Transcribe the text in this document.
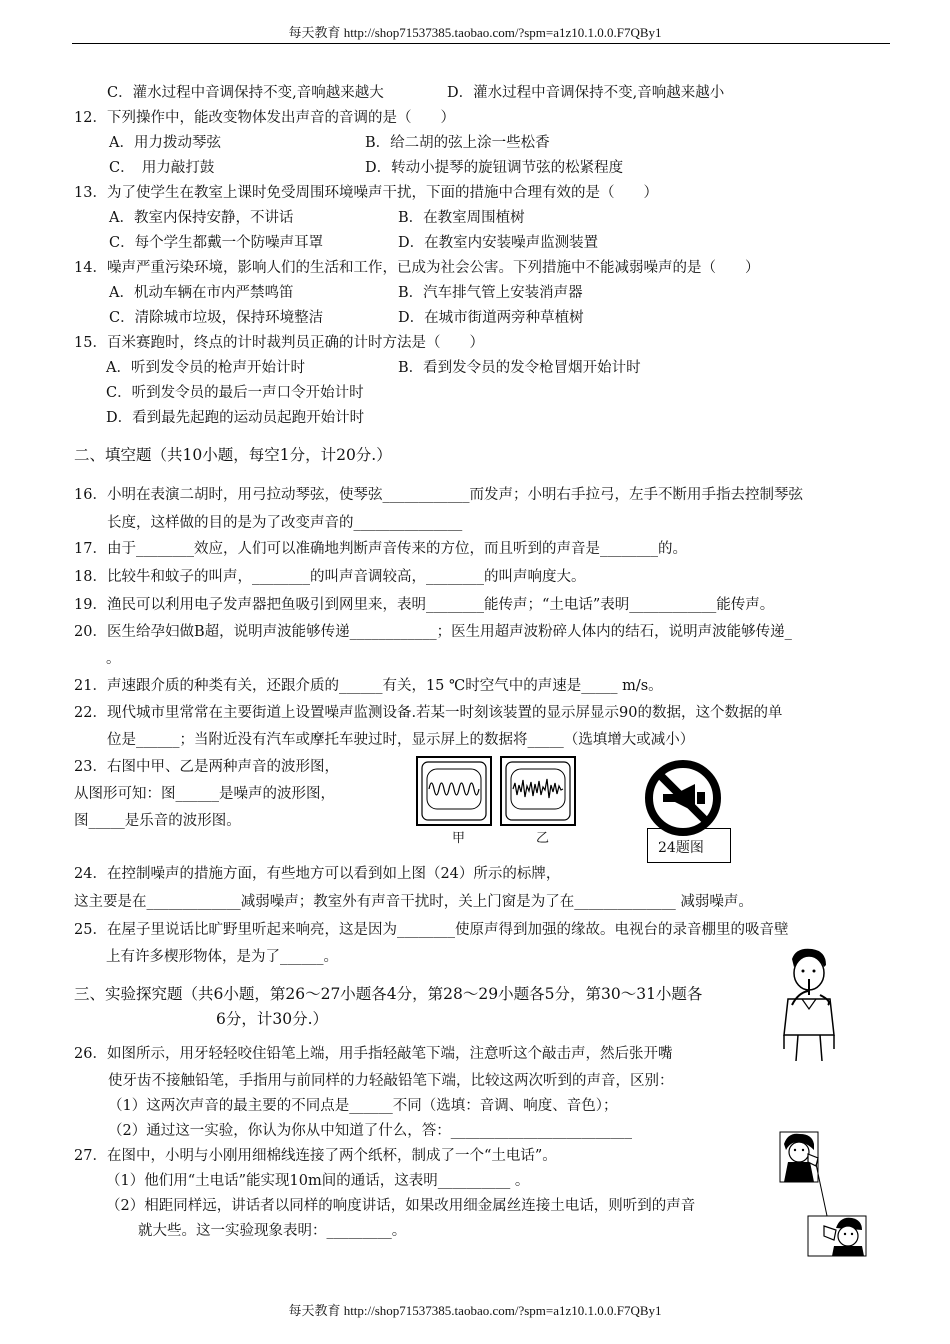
每天教育 http://shop71537385.taobao.com/?spm=a1z10.1.0.0.F7QBy1
C．灌水过程中音调保持不变,音响越来越大	D．灌水过程中音调保持不变,音响越来越小
12．下列操作中，能改变物体发出声音的音调的是（　　）
A．用力拨动琴弦	B．给二胡的弦上涂一些松香
C．　用力敲打鼓	D．转动小提琴的旋钮调节弦的松紧程度
13．为了使学生在教室上课时免受周围环境噪声干扰，下面的措施中合理有效的是（　　）
A．教室内保持安静，不讲话	B．在教室周围植树
C．每个学生都戴一个防噪声耳罩	D．在教室内安装噪声监测装置
14．噪声严重污染环境，影响人们的生活和工作，已成为社会公害。下列措施中不能减弱噪声的是（　　）
A．机动车辆在市内严禁鸣笛	B．汽车排气管上安装消声器
C．清除城市垃圾，保持环境整洁	D．在城市街道两旁种草植树
15．百米赛跑时，终点的计时裁判员正确的计时方法是（　　）
A．听到发令员的枪声开始计时	B．看到发令员的发令枪冒烟开始计时
C．听到发令员的最后一声口令开始计时
D．看到最先起跑的运动员起跑开始计时
二、填空题（共10小题，每空1分，计20分.）
16．小明在表演二胡时，用弓拉动琴弦，使琴弦____________而发声；小明右手拉弓，左手不断用手指去控制琴弦
长度，这样做的目的是为了改变声音的_______________
17．由于________效应，人们可以准确地判断声音传来的方位，而且听到的声音是________的。
18．比较牛和蚊子的叫声，________的叫声音调较高，________的叫声响度大。
19．渔民可以利用电子发声器把鱼吸引到网里来，表明________能传声；“土电话”表明____________能传声。
20．医生给孕妇做B超，说明声波能够传递____________；医生用超声波粉碎人体内的结石，说明声波能够传递_
。
21．声速跟介质的种类有关，还跟介质的______有关，15 ℃时空气中的声速是_____ m/s。
22．现代城市里常常在主要街道上设置噪声监测设备.若某一时刻该装置的显示屏显示90的数据，这个数据的单
位是______；当附近没有汽车或摩托车驶过时，显示屏上的数据将_____（选填增大或减小）
23．右图中甲、乙是两种声音的波形图，
从图形可知：图______是噪声的波形图，
图_____是乐音的波形图。
甲	乙
24题图
24．在控制噪声的措施方面，有些地方可以看到如上图（24）所示的标牌，
这主要是在_____________减弱噪声；教室外有声音干扰时，关上门窗是为了在______________ 减弱噪声。
25．在屋子里说话比旷野里听起来响亮，这是因为________使原声得到加强的缘故。电视台的录音棚里的吸音壁
上有许多楔形物体，是为了______。
三、实验探究题（共6小题，第26～27小题各4分，第28～29小题各5分，第30～31小题各
6分，计30分.）
26．如图所示，用牙轻轻咬住铅笔上端，用手指轻敲笔下端，注意听这个敲击声，然后张开嘴
使牙齿不接触铅笔，手指用与前同样的力轻敲铅笔下端，比较这两次听到的声音，区别：
（1）这两次声音的最主要的不同点是______不同（选填：音调、响度、音色）；
（2）通过这一实验，你认为你从中知道了什么，答：_________________________
27．在图中，小明与小刚用细棉线连接了两个纸杯，制成了一个“土电话”。
（1）他们用“土电话”能实现10m间的通话，这表明__________ 。
（2）相距同样远，讲话者以同样的响度讲话，如果改用细金属丝连接土电话，则听到的声音
就大些。这一实验现象表明：_________。
每天教育 http://shop71537385.taobao.com/?spm=a1z10.1.0.0.F7QBy1
